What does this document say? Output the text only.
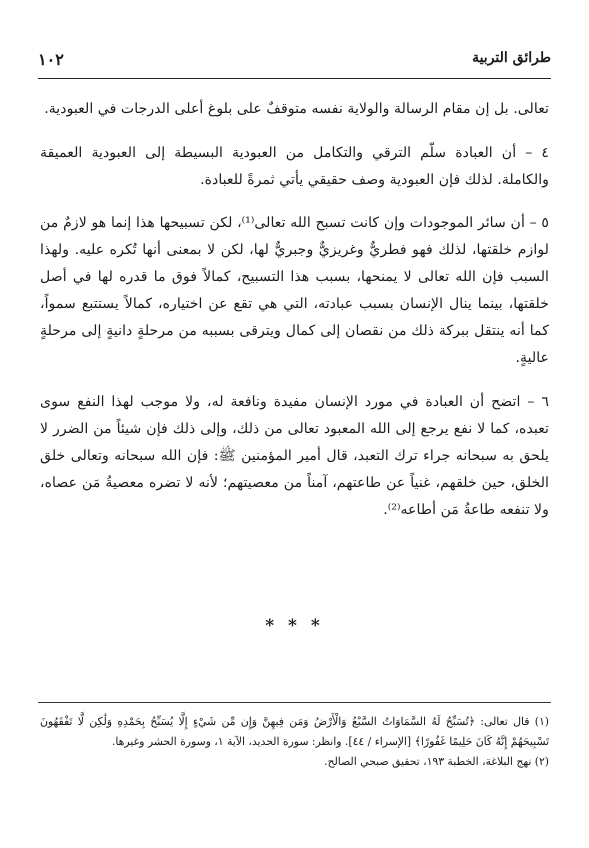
١٠٢	طرائق التربية

تعالى. بل إن مقام الرسالة والولاية نفسه متوقفٌ على بلوغ أعلى الدرجات في العبودية.

٤ – أن العبادة سلّم الترقي والتكامل من العبودية البسيطة إلى العبودية العميقة والكاملة. لذلك فإن العبودية وصف حقيقي يأتي ثمرةً للعبادة.

٥ – أن سائر الموجودات وإن كانت تسبح الله تعالى⁽¹⁾، لكن تسبيحها هذا إنما هو لازمٌ من لوازم خلقتها، لذلك فهو فطريٌّ وغريزيٌّ وجبريٌّ لها، لكن لا بمعنى أنها تُكره عليه. ولهذا السبب فإن الله تعالى لا يمنحها، بسبب هذا التسبيح، كمالاً فوق ما قدره لها في أصل خلقتها، بينما ينال الإنسان بسبب عبادته، التي هي تقع عن اختياره، كمالاً يستتبع سمواً، كما أنه ينتقل ببركة ذلك من نقصان إلى كمال ويترقى بسببه من مرحلةٍ دانيةٍ إلى مرحلةٍ عاليةٍ.

٦ – اتضح أن العبادة في مورد الإنسان مفيدة ونافعة له، ولا موجب لهذا النفع سوى تعبده، كما لا نفع يرجع إلى الله المعبود تعالى من ذلك، وإلى ذلك فإن شيئاً من الضرر لا يلحق به سبحانه جراء ترك التعبد، قال أمير المؤمنين ﷺ: فإن الله سبحانه وتعالى خلق الخلق، حين خلقهم، غنياً عن طاعتهم، آمناً من معصيتهم؛ لأنه لا تضره معصيةُ مَن عصاه، ولا تنفعه طاعةُ مَن أطاعه⁽²⁾.

* * *

(١) قال تعالى: ﴿تُسَبِّحُ لَهُ السَّمَاوَاتُ السَّبْعُ وَالْأَرْضُ وَمَن فِيهِنَّ وَإِن مِّن شَيْءٍ إِلَّا يُسَبِّحُ بِحَمْدِهِ وَلَٰكِن لَّا تَفْقَهُونَ تَسْبِيحَهُمْ إِنَّهُ كَانَ حَلِيمًا غَفُورًا﴾ [الإسراء / ٤٤]. وانظر: سورة الحديد، الآية ١، وسورة الحشر وغيرها.

(٢) نهج البلاغة، الخطبة ١٩٣، تحقيق صبحي الصالح.
